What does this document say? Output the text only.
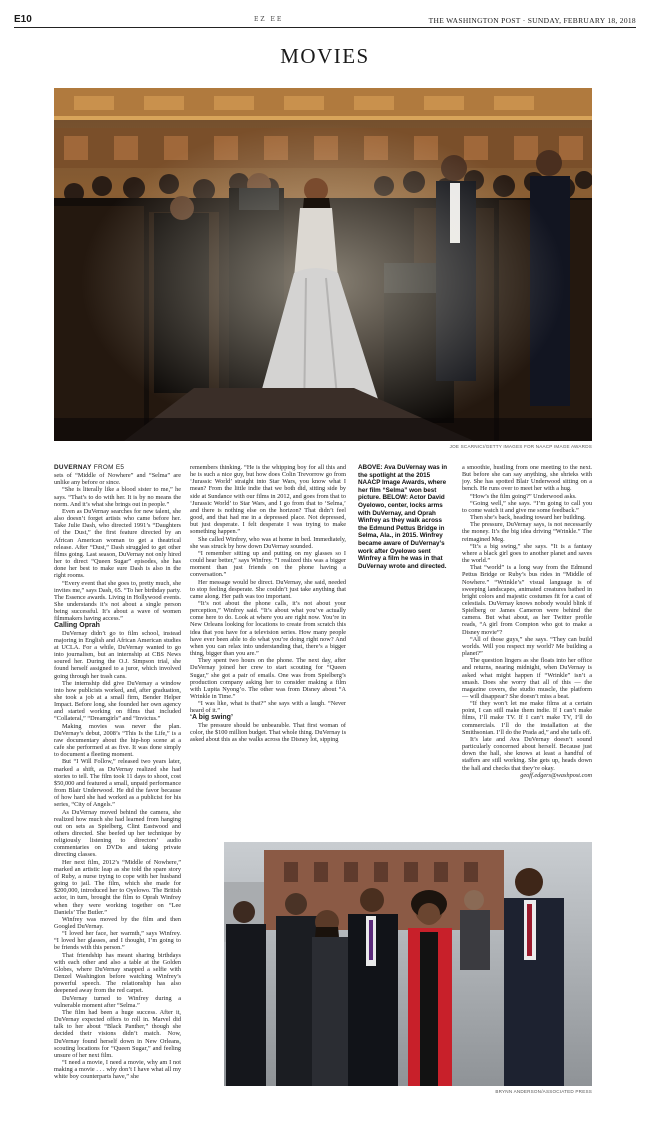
E10	EZ EE	THE WASHINGTON POST · SUNDAY, FEBRUARY 18, 2018
MOVIES
JOE SCARNICI/GETTY IMAGES FOR NAACP IMAGE AWARDS
DUVERNAY FROM E5

sets of “Middle of Nowhere” and “Selma” are unlike any before or since.

“She is literally like a blood sister to me,” he says. “That’s to do with her. It is by no means the norm. And it’s what she brings out in people.”

Even as DuVernay searches for new talent, she also doesn’t forget artists who came before her. Take Julie Dash, who directed 1991’s “Daughters of the Dust,” the first feature directed by an African American woman to get a theatrical release. After “Dust,” Dash struggled to get other films going. Last season, DuVernay not only hired her to direct “Queen Sugar” episodes, she has done her best to make sure Dash is also in the right rooms.

“Every event that she goes to, pretty much, she invites me,” says Dash, 65. “To her birthday party. The Essence awards. Living in Hollywood events. She understands it’s not about a single person being successful. It’s about a wave of women filmmakers having access.”

Calling Oprah

DuVernay didn’t go to film school, instead majoring in English and African American studies at UCLA. For a while, DuVernay wanted to go into journalism, but an internship at CBS News soured her. During the O.J. Simpson trial, she found herself assigned to a juror, which involved going through her trash cans.

The internship did give DuVernay a window into how publicists worked, and, after graduation, she took a job at a small firm, Bender Helper Impact. Before long, she founded her own agency and started working on films that included “Collateral,” “Dreamgirls” and “Invictus.”

Making movies was never the plan. DuVernay’s debut, 2008’s “This Is the Life,” is a raw documentary about the hip-hop scene at a cafe she performed at as five. It was done simply to document a fleeting moment.

But “I Will Follow,” released two years later, marked a shift, as DuVernay realized she had stories to tell. The film took 11 days to shoot, cost $50,000 and featured a small, unpaid performance from Blair Underwood. He did the favor because of how hard she had worked as a publicist for his series, “City of Angels.”

As DuVernay moved behind the camera, she realized how much she had learned from hanging out on sets as Spielberg, Clint Eastwood and others directed. She beefed up her technique by religiously listening to directors’ audio commentaries on DVDs and taking private directing classes.

Her next film, 2012’s “Middle of Nowhere,” marked an artistic leap as she told the spare story of Ruby, a nurse trying to cope with her husband going to jail. The film, which she made for $200,000, introduced her to Oyelowo. The British actor, in turn, brought the film to Oprah Winfrey when they were working together on “Lee Daniels’ The Butler.”

Winfrey was moved by the film and then Googled DuVernay.

“I loved her face, her warmth,” says Winfrey. “I loved her glasses, and I thought, I’m going to be friends with this person.”

That friendship has meant sharing birthdays with each other and also a table at the Golden Globes, where DuVernay snapped a selfie with Denzel Washington before watching Winfrey’s powerful speech. The relationship has also deepened away from the red carpet.

DuVernay turned to Winfrey during a vulnerable moment after “Selma.”

The film had been a huge success. After it, DuVernay expected offers to roll in. Marvel did talk to her about “Black Panther,” though she decided their visions didn’t match. Now, DuVernay found herself down in New Orleans, scouting locations for “Queen Sugar,” and feeling unsure of her next film.

“I need a movie, I need a movie, why am I not making a movie . . . why don’t I have what all my white boy counterparts have,” she

remembers thinking. “He is the whipping boy for all this and he is such a nice guy, but how does Colin Trevorrow go from ‘Jurassic World’ straight into Star Wars, you know what I mean? From the little indie that we both did, sitting side by side at Sundance with our films in 2012, and goes from that to ‘Jurassic World’ to Star Wars, and I go from that to ‘Selma,’ and there is nothing else on the horizon? That didn’t feel good, and that had me in a depressed place. Not depressed, but just desperate. I felt desperate I was trying to make something happen.”

She called Winfrey, who was at home in bed. Immediately, she was struck by how down DuVernay sounded.

“I remember sitting up and putting on my glasses so I could hear better,” says Winfrey. “I realized this was a bigger moment than just friends on the phone having a conversation.”

Her message would be direct. DuVernay, she said, needed to stop feeling desperate. She couldn’t just take anything that came along. Her path was too important.

“It’s not about the phone calls, it’s not about your perception,” Winfrey said. “It’s about what you’ve actually come here to do. Look at where you are right now. You’re in New Orleans looking for locations to create from scratch this idea that you have for a television series. How many people have ever been able to do what you’re doing right now? And when you can relax into understanding that, there’s a bigger thing, bigger than you are.”

They spent two hours on the phone. The next day, after DuVernay joined her crew to start scouting for “Queen Sugar,” she got a pair of emails. One was from Spielberg’s production company asking her to consider making a film with Lupita Nyong’o. The other was from Disney about “A Wrinkle in Time.”

“I was like, what is that?” she says with a laugh. “Never heard of it.”

‘A big swing’

The pressure should be unbearable. That first woman of color, the $100 million budget. That whole thing. DuVernay is asked about this as she walks across the Disney lot, sipping

ABOVE: Ava DuVernay was in the spotlight at the 2015 NAACP Image Awards, where her film “Selma” won best picture. BELOW: Actor David Oyelowo, center, locks arms with DuVernay, and Oprah Winfrey as they walk across the Edmund Pettus Bridge in Selma, Ala., in 2015. Winfrey became aware of DuVernay’s work after Oyelowo sent Winfrey a film he was in that DuVernay wrote and directed.

a smoothie, hustling from one meeting to the next. But before she can say anything, she shrieks with joy. She has spotted Blair Underwood sitting on a bench. He runs over to meet her with a hug.

“How’s the film going?” Underwood asks.

“Going well,” she says. “I’m going to call you to come watch it and give me some feedback.”

Then she’s back, heading toward her building.

The pressure, DuVernay says, is not necessarily the money. It’s the big idea driving “Wrinkle.” The reimagined Meg.

“It’s a big swing,” she says. “It is a fantasy where a black girl goes to another planet and saves the world.”

That “world” is a long way from the Edmund Pettus Bridge or Ruby’s bus rides in “Middle of Nowhere.” “Wrinkle’s” visual language is of sweeping landscapes, animated creatures bathed in bright colors and majestic costumes fit for a cast of celestials. DuVernay knows nobody would blink if Spielberg or James Cameron were behind the camera. But what about, as her Twitter profile reads, “A girl from Compton who got to make a Disney movie”?

“All of those guys,” she says. “They can build worlds. Will you respect my world? Me building a planet?”

The question lingers as she floats into her office and returns, nearing midnight, when DuVernay is asked what might happen if “Wrinkle” isn’t a smash. Does she worry that all of this — the magazine covers, the studio muscle, the platform — will disappear? She doesn’t miss a beat.

“If they won’t let me make films at a certain point, I can still make them indie. If I can’t make films, I’ll make TV. If I can’t make TV, I’ll do commercials. I’ll do the installation at the Smithsonian. I’ll do the Prada ad,” and she tails off.

It’s late and Ava DuVernay doesn’t sound particularly concerned about herself. Because just down the hall, she knows at least a handful of staffers are still working. She gets up, heads down the hall and checks that they’re okay.

geoff.edgers@washpost.com

BRYNN ANDERSON/ASSOCIATED PRESS
